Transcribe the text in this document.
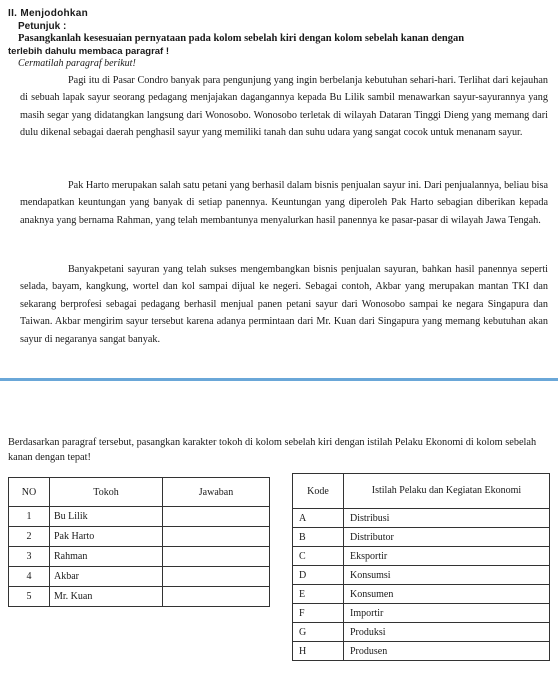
II. Menjodohkan
Petunjuk :
Pasangkanlah kesesuaian pernyataan pada kolom sebelah kiri dengan kolom sebelah kanan dengan
terlebih dahulu membaca paragraf !
Cermatilah paragraf berikut!

Pagi itu di Pasar Condro banyak para pengunjung yang ingin berbelanja kebutuhan sehari-hari. Terlihat dari kejauhan di sebuah lapak sayur seorang pedagang menjajakan dagangannya kepada Bu Lilik sambil menawarkan sayur-sayurannya yang masih segar yang didatangkan langsung dari Wonosobo. Wonosobo terletak di wilayah Dataran Tinggi Dieng yang memang dari dulu dikenal sebagai daerah penghasil sayur yang memiliki tanah dan suhu udara yang sangat cocok untuk menanam sayur.

Pak Harto merupakan salah satu petani yang berhasil dalam bisnis penjualan sayur ini. Dari penjualannya, beliau bisa mendapatkan keuntungan yang banyak di setiap panennya. Keuntungan yang diperoleh Pak Harto sebagian diberikan kepada anaknya yang bernama Rahman, yang telah membantunya menyalurkan hasil panennya ke pasar-pasar di wilayah Jawa Tengah.

Banyakpetani sayuran yang telah sukses mengembangkan bisnis penjualan sayuran, bahkan hasil panennya seperti selada, bayam, kangkung, wortel dan kol sampai dijual ke negeri. Sebagai contoh, Akbar yang merupakan mantan TKI dan sekarang berprofesi sebagai pedagang berhasil menjual panen petani sayur dari Wonosobo sampai ke negara Singapura dan Taiwan. Akbar mengirim sayur tersebut karena adanya permintaan dari Mr. Kuan dari Singapura yang memang kebutuhan akan sayur di negaranya sangat banyak.

Berdasarkan paragraf tersebut, pasangkan karakter tokoh di kolom sebelah kiri dengan istilah Pelaku Ekonomi di kolom sebelah kanan dengan tepat!

NO	Tokoh	Jawaban
1	Bu Lilik	
2	Pak Harto	
3	Rahman	
4	Akbar	
5	Mr. Kuan	
Kode	Istilah Pelaku dan Kegiatan Ekonomi
A	Distribusi
B	Distributor
C	Eksportir
D	Konsumsi
E	Konsumen
F	Importir
G	Produksi
H	Produsen
